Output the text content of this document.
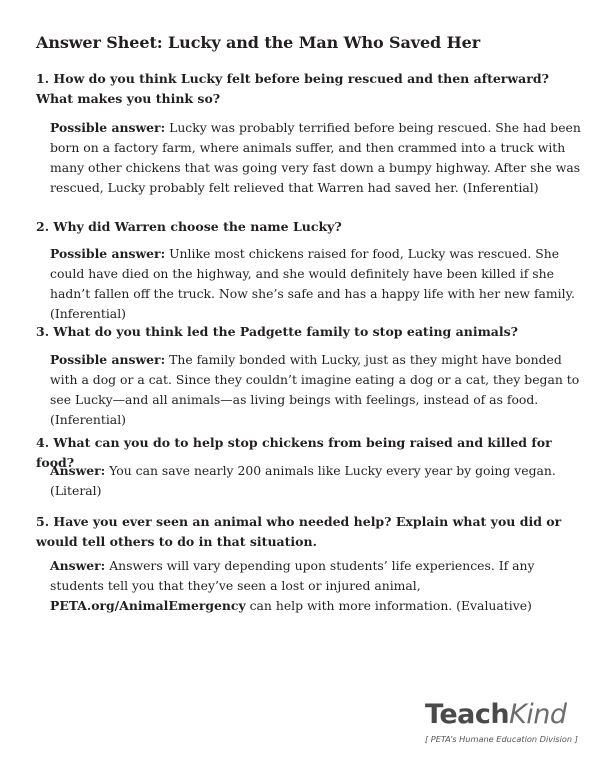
Answer Sheet: Lucky and the Man Who Saved Her
1. How do you think Lucky felt before being rescued and then afterward? What makes you think so?
Possible answer: Lucky was probably terrified before being rescued. She had been born on a factory farm, where animals suffer, and then crammed into a truck with many other chickens that was going very fast down a bumpy highway. After she was rescued, Lucky probably felt relieved that Warren had saved her. (Inferential)
2. Why did Warren choose the name Lucky?
Possible answer: Unlike most chickens raised for food, Lucky was rescued. She could have died on the highway, and she would definitely have been killed if she hadn’t fallen off the truck. Now she’s safe and has a happy life with her new family. (Inferential)
3. What do you think led the Padgette family to stop eating animals?
Possible answer: The family bonded with Lucky, just as they might have bonded with a dog or a cat. Since they couldn’t imagine eating a dog or a cat, they began to see Lucky—and all animals—as living beings with feelings, instead of as food. (Inferential)
4. What can you do to help stop chickens from being raised and killed for food?
Answer: You can save nearly 200 animals like Lucky every year by going vegan. (Literal)
5. Have you ever seen an animal who needed help? Explain what you did or would tell others to do in that situation.
Answer: Answers will vary depending upon students’ life experiences. If any students tell you that they’ve seen a lost or injured animal, PETA.org/AnimalEmergency can help with more information. (Evaluative)
TeachKind
[ PETA’s Humane Education Division ]
